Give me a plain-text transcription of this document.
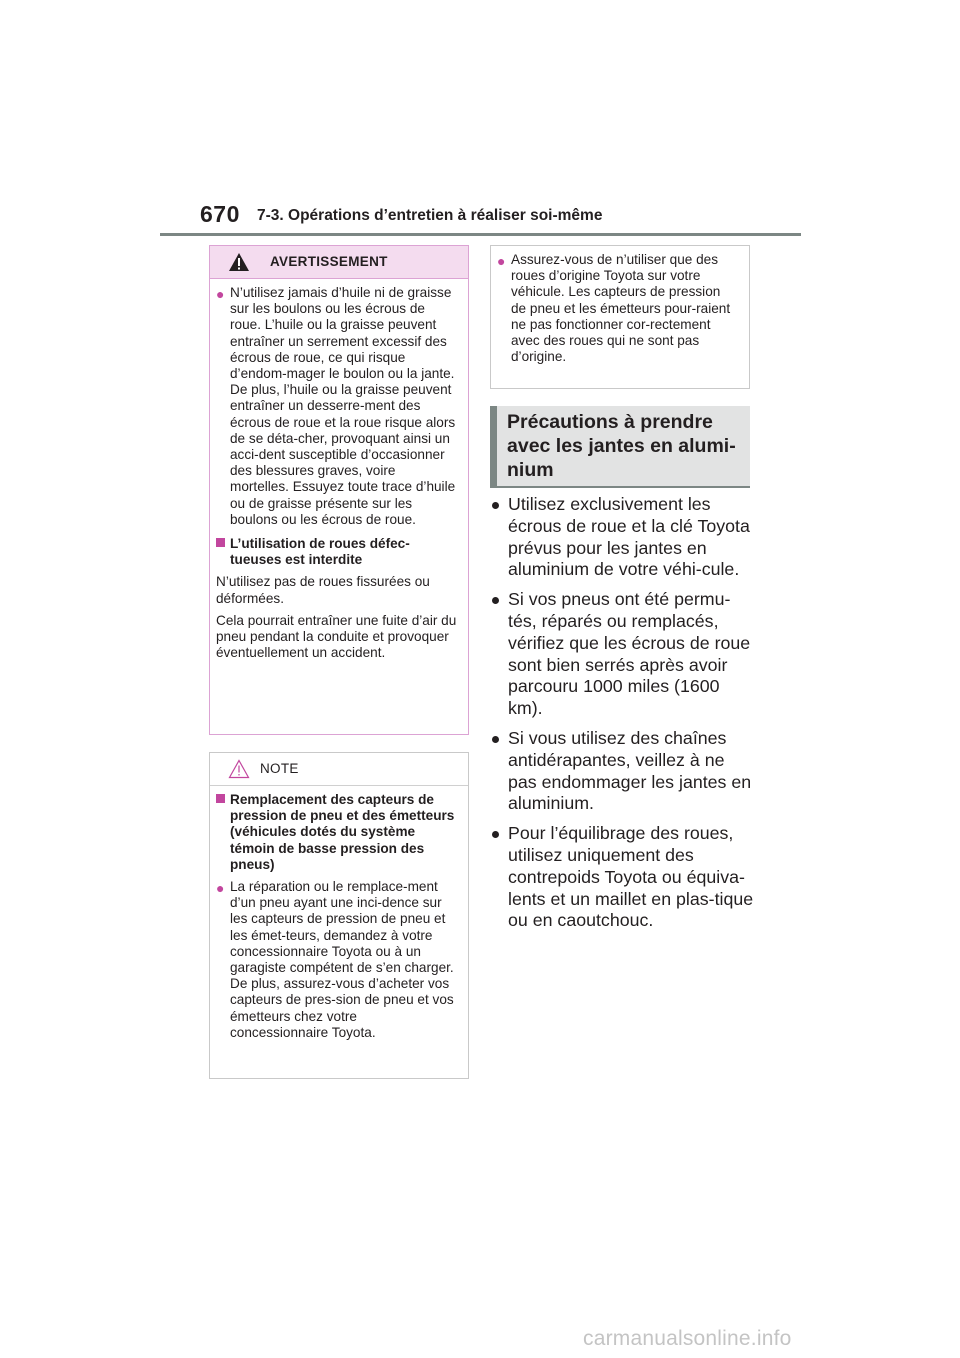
670 7-3. Opérations d’entretien à réaliser soi-même
AVERTISSEMENT
● N’utilisez jamais d’huile ni de graisse sur les boulons ou les écrous de roue. L’huile ou la graisse peuvent entraîner un serrement excessif des écrous de roue, ce qui risque d’endom-mager le boulon ou la jante. De plus, l’huile ou la graisse peuvent entraîner un desserre-ment des écrous de roue et la roue risque alors de se déta-cher, provoquant ainsi un acci-dent susceptible d’occasionner des blessures graves, voire mortelles. Essuyez toute trace d’huile ou de graisse présente sur les boulons ou les écrous de roue.
L’utilisation de roues défec-tueuses est interdite

N’utilisez pas de roues fissurées ou déformées.

Cela pourrait entraîner une fuite d’air du pneu pendant la conduite et provoquer éventuellement un accident.

NOTE
Remplacement des capteurs de pression de pneu et des émetteurs (véhicules dotés du système témoin de basse pression des pneus)
● La réparation ou le remplace-ment d’un pneu ayant une inci-dence sur les capteurs de pression de pneu et les émet-teurs, demandez à votre concessionnaire Toyota ou à un garagiste compétent de s’en charger. De plus, assurez-vous d’acheter vos capteurs de pres-sion de pneu et vos émetteurs chez votre concessionnaire Toyota.
● Assurez-vous de n’utiliser que des roues d’origine Toyota sur votre véhicule. Les capteurs de pression de pneu et les émetteurs pour-raient ne pas fonctionner cor-rectement avec des roues qui ne sont pas d’origine.
Précautions à prendre avec les jantes en alumi-nium
Utilisez exclusivement les écrous de roue et la clé Toyota prévus pour les jantes en aluminium de votre véhi-cule.
Si vos pneus ont été permu-tés, réparés ou remplacés, vérifiez que les écrous de roue sont bien serrés après avoir parcouru 1000 miles (1600 km).
Si vous utilisez des chaînes antidérapantes, veillez à ne pas endommager les jantes en aluminium.
Pour l’équilibrage des roues, utilisez uniquement des contrepoids Toyota ou équiva-lents et un maillet en plas-tique ou en caoutchouc.
carmanualsonline.info
